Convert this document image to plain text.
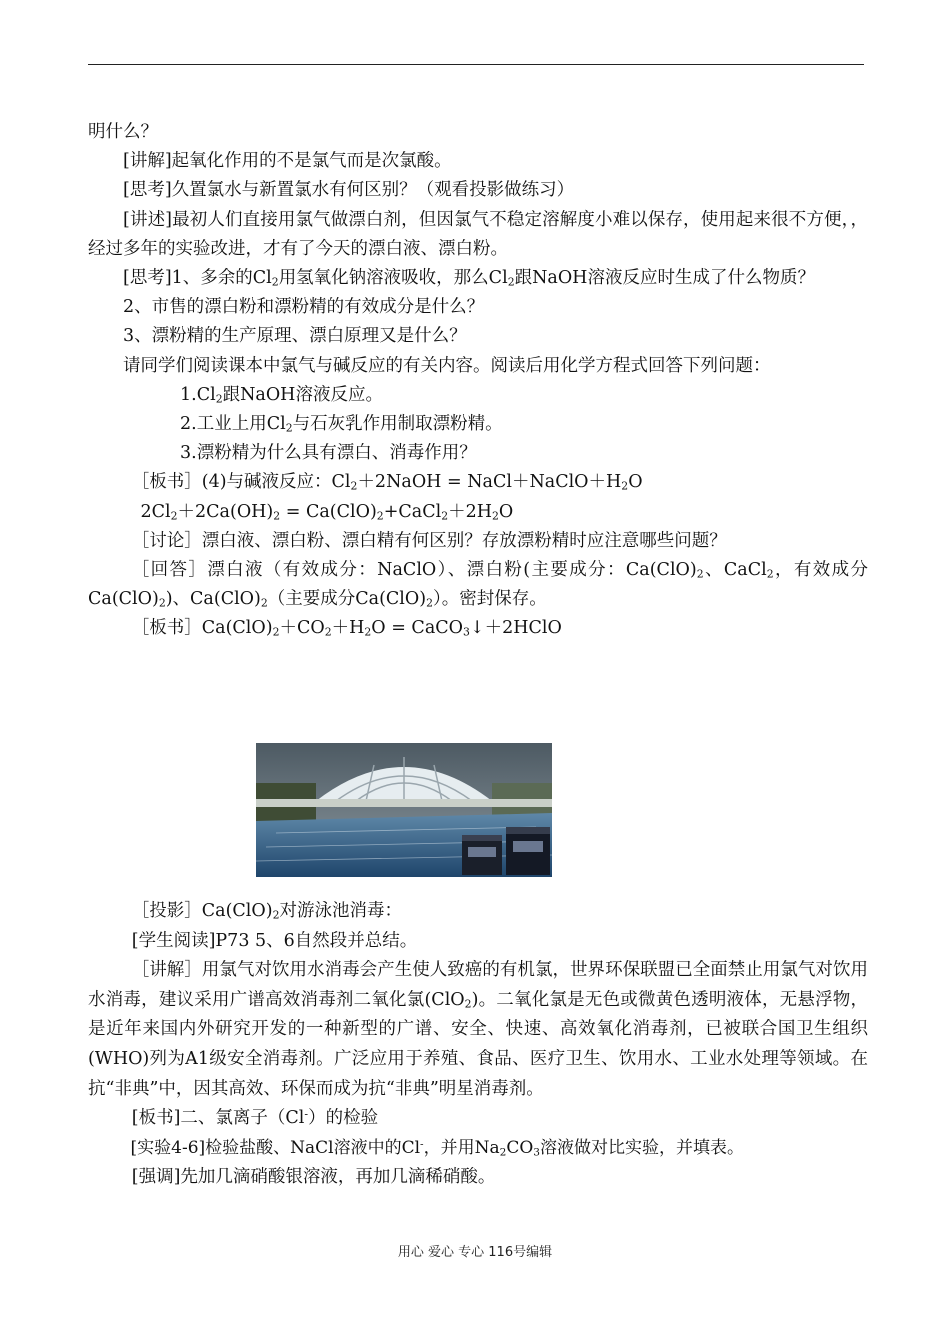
明什么？

[讲解]起氧化作用的不是氯气而是次氯酸。

[思考]久置氯水与新置氯水有何区别？（观看投影做练习）

[讲述]最初人们直接用氯气做漂白剂，但因氯气不稳定溶解度小难以保存，使用起来很不方便，，经过多年的实验改进，才有了今天的漂白液、漂白粉。

[思考]1、多余的$Cl_2$用氢氧化钠溶液吸收，那么$Cl_2$跟NaOH溶液反应时生成了什么物质？

2、市售的漂白粉和漂粉精的有效成分是什么？

3、漂粉精的生产原理、漂白原理又是什么？

请同学们阅读课本中氯气与碱反应的有关内容。阅读后用化学方程式回答下列问题：

$1.Cl_2$跟NaOH溶液反应。

2.工业上用$Cl_2$与石灰乳作用制取漂粉精。

3.漂粉精为什么具有漂白、消毒作用？

［板书］(4)与碱液反应：$Cl_2+2NaOH$ = $NaCl+NaClO+H_2O$

$2Cl_2+2Ca(OH)_2$ = $Ca(ClO)_2+CaCl_2+2H_2O$

［讨论］漂白液、漂白粉、漂白精有何区别？存放漂粉精时应注意哪些问题？

［回答］漂白液（有效成分：NaClO）、漂白粉(主要成分：$Ca(ClO)_2$、CaCl$_2$，有效成分$Ca(ClO)_2$)、$Ca(ClO)_2$（主要成分$Ca(ClO)_2$）。密封保存。

［板书$]Ca(ClO)_2+CO_2+H_2O$ = CaCO$_3$↓＋2HClO

［投影$]Ca(ClO)_2$对游泳池消毒：

[学生阅读]P73 5、6自然段并总结。

［讲解］用氯气对饮用水消毒会产生使人致癌的有机氯，世界环保联盟已全面禁止用氯气对饮用水消毒，建议采用广谱高效消毒剂二氧化氯(ClO$_2$)。二氧化氯是无色或微黄色透明液体，无悬浮物，是近年来国内外研究开发的一种新型的广谱、安全、快速、高效氧化消毒剂，已被联合国卫生组织(WHO)列为A1级安全消毒剂。广泛应用于养殖、食品、医疗卫生、饮用水、工业水处理等领域。在抗“非典”中，因其高效、环保而成为抗“非典”明星消毒剂。

[板书]二、氯离子（Cl-）的检验

[实验4-6]检验盐酸、NaCl溶液中的Cl-，并用$Na_2CO_3$溶液做对比实验，并填表。

[强调]先加几滴硝酸银溶液，再加几滴稀硝酸。

用心 爱心 专心 116号编辑
